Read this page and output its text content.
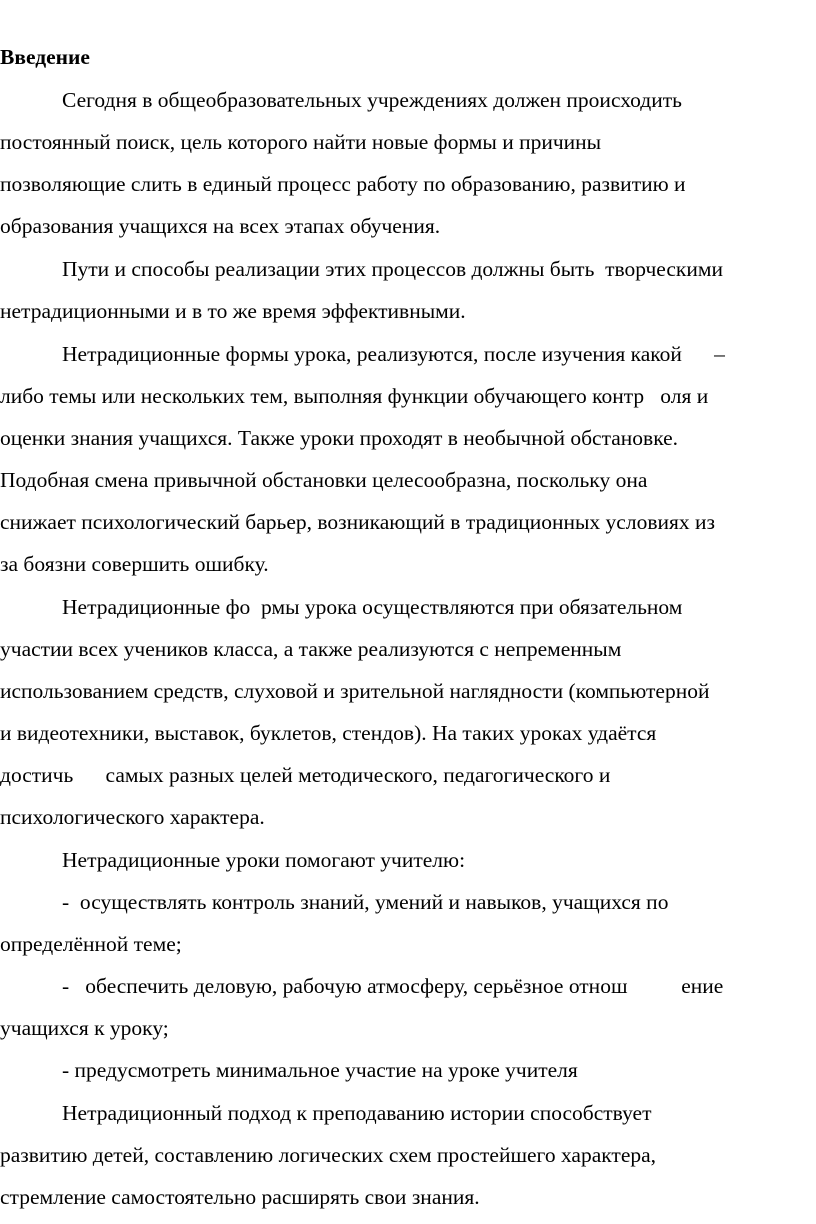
Введение
Сегодня в общеобразовательных учреждениях должен происходить
постоянный поиск, цель которого найти новые формы и причины
позволяющие слить в единый процесс работу по образованию, развитию и
образования учащихся на всех этапах обучения.
Пути и способы реализации этих процессов должны быть  творческими
нетрадиционными и в то же время эффективными.
Нетрадиционные формы урока, реализуются, после изучения какой      –
либо темы или нескольких тем, выполняя функции обучающего контр   оля и
оценки знания учащихся. Также уроки проходят в необычной обстановке.
Подобная смена привычной обстановки целесообразна, поскольку она
снижает психологический барьер, возникающий в традиционных условиях из
за боязни совершить ошибку.
Нетрадиционные фо  рмы урока осуществляются при обязательном
участии всех учеников класса, а также реализуются с непременным
использованием средств, слуховой и зрительной наглядности (компьютерной
и видеотехники, выставок, буклетов, стендов). На таких уроках удаётся
достичь      самых разных целей методического, педагогического и
психологического характера.
Нетрадиционные уроки помогают учителю:
-  осуществлять контроль знаний, умений и навыков, учащихся по
определённой теме;
-   обеспечить деловую, рабочую атмосферу, серьёзное отнош          ение
учащихся к уроку;
- предусмотреть минимальное участие на уроке учителя
Нетрадиционный подход к преподаванию истории способствует
развитию детей, составлению логических схем простейшего характера,
стремление самостоятельно расширять свои знания.
